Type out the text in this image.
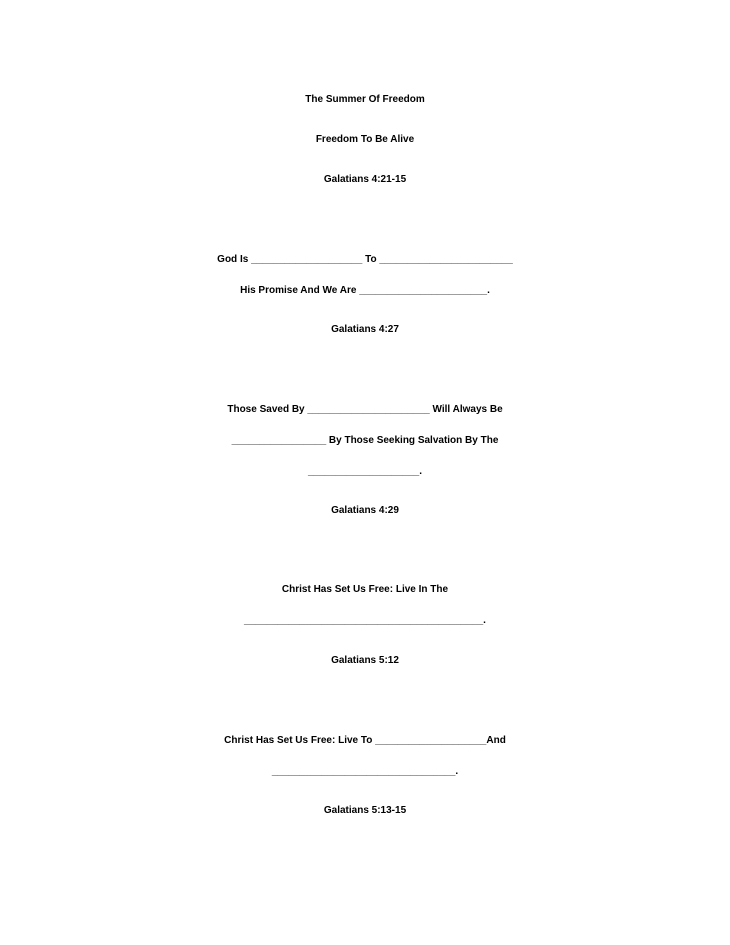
The Summer Of Freedom
Freedom To Be Alive
Galatians 4:21-15
God Is ____________________ To ________________________
His Promise And We Are _______________________.
Galatians 4:27
Those Saved By ______________________ Will Always Be
_________________ By Those Seeking Salvation By The
____________________.
Galatians 4:29
Christ Has Set Us Free: Live In The
___________________________________________.
Galatians 5:12
Christ Has Set Us Free: Live To ____________________And
_________________________________.
Galatians 5:13-15
